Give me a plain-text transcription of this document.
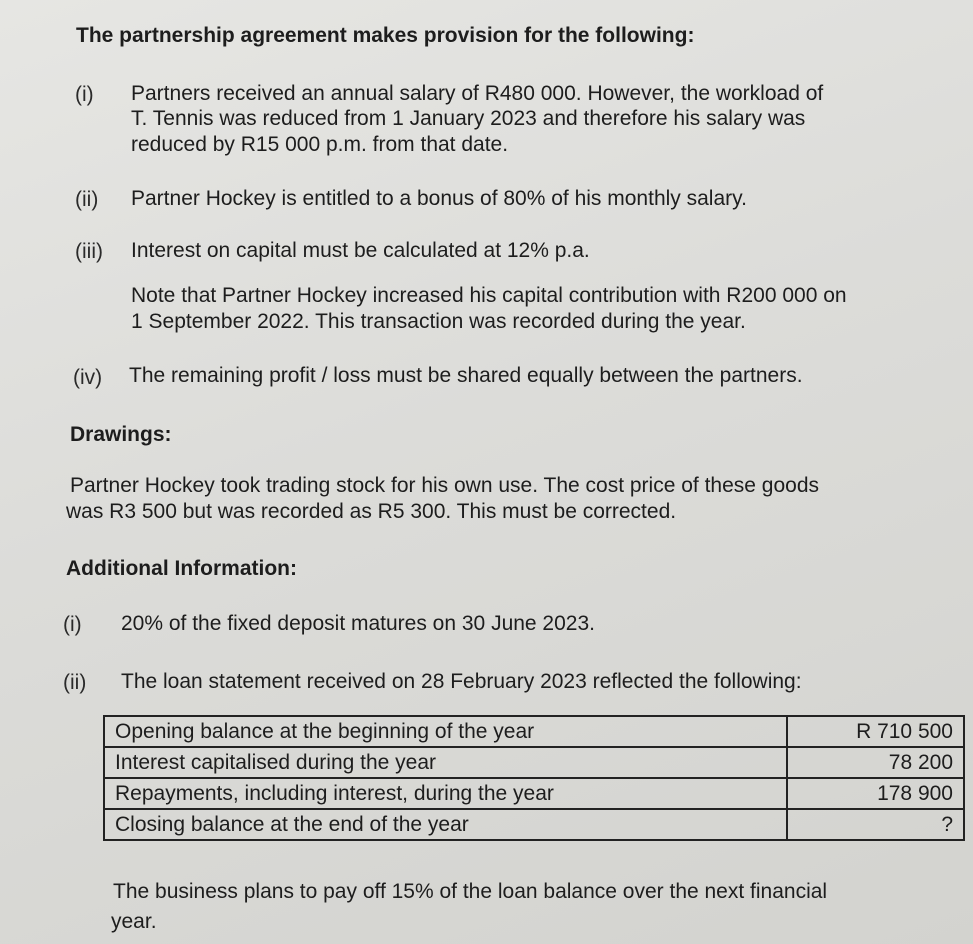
The partnership agreement makes provision for the following:
(i) Partners received an annual salary of R480 000. However, the workload of
T. Tennis was reduced from 1 January 2023 and therefore his salary was
reduced by R15 000 p.m. from that date.
(ii) Partner Hockey is entitled to a bonus of 80% of his monthly salary.
(iii) Interest on capital must be calculated at 12% p.a.
Note that Partner Hockey increased his capital contribution with R200 000 on
1 September 2022. This transaction was recorded during the year.
(iv) The remaining profit / loss must be shared equally between the partners.
Drawings:
Partner Hockey took trading stock for his own use. The cost price of these goods
was R3 500 but was recorded as R5 300. This must be corrected.
Additional Information:
(i) 20% of the fixed deposit matures on 30 June 2023.
(ii) The loan statement received on 28 February 2023 reflected the following:
Opening balance at the beginning of the year	R 710 500
Interest capitalised during the year	78 200
Repayments, including interest, during the year	178 900
Closing balance at the end of the year	?
The business plans to pay off 15% of the loan balance over the next financial
year.
